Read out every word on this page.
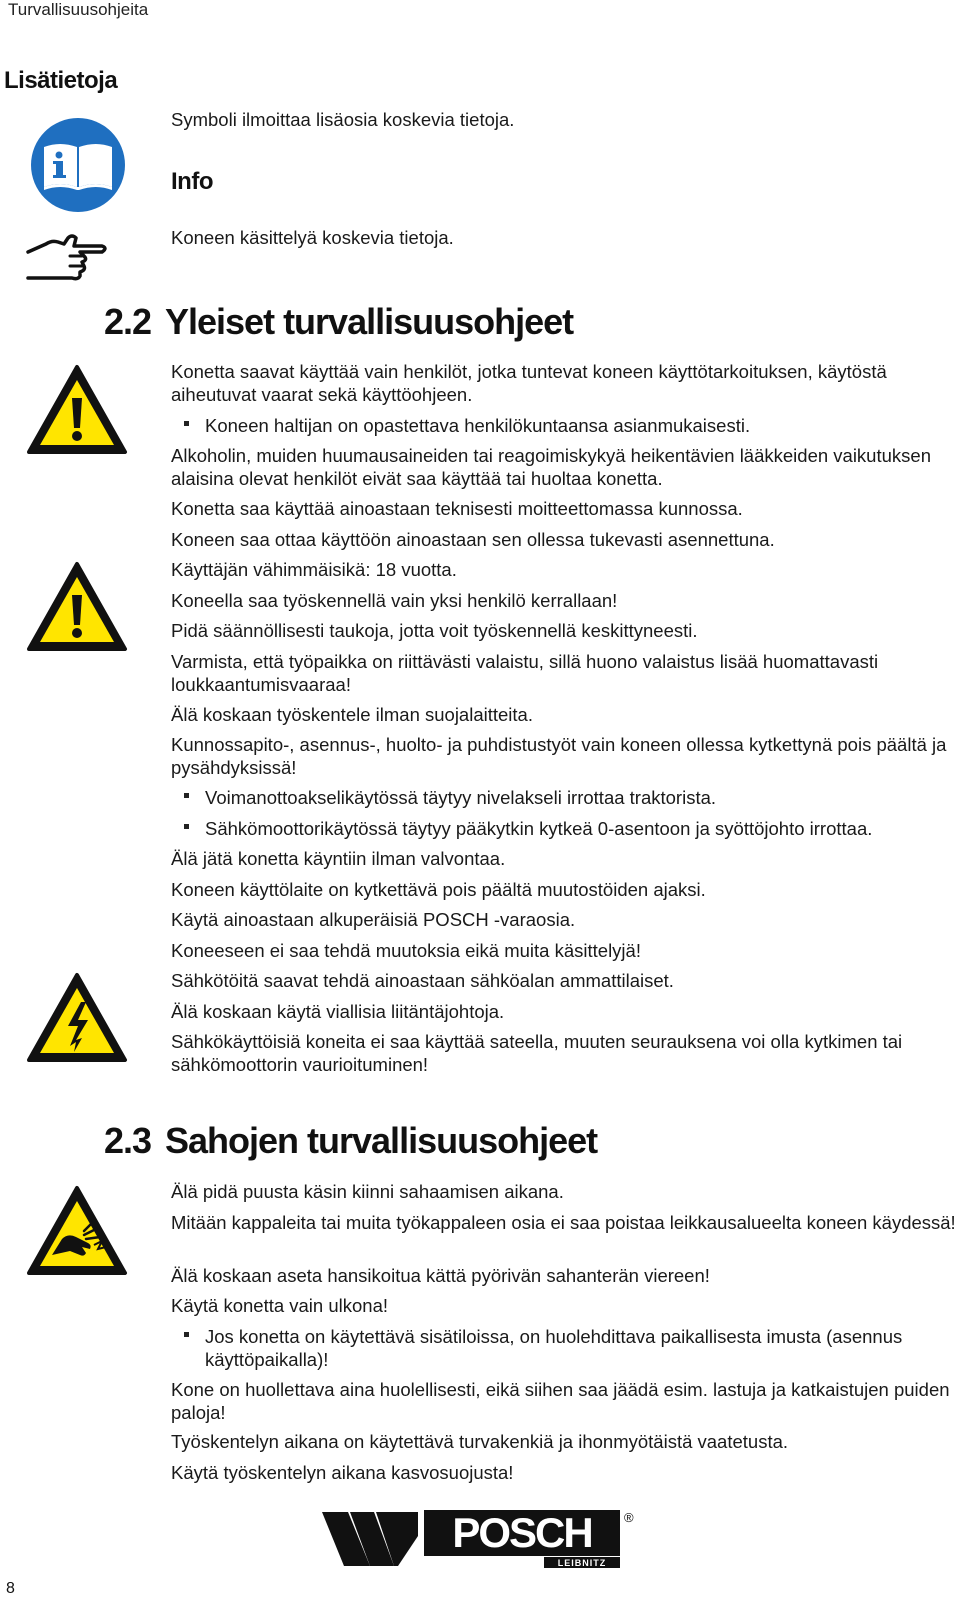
Turvallisuusohjeita
Lisätietoja
Symboli ilmoittaa lisäosia koskevia tietoja.
Info
Koneen käsittelyä koskevia tietoja.
2.2 Yleiset turvallisuusohjeet
Konetta saavat käyttää vain henkilöt, jotka tuntevat koneen käyttötarkoituksen, käytöstä aiheutuvat vaarat sekä käyttöohjeen.
Koneen haltijan on opastettava henkilökuntaansa asianmukaisesti.
Alkoholin, muiden huumausaineiden tai reagoimiskykyä heikentävien lääkkeiden vaikutuksen alaisina olevat henkilöt eivät saa käyttää tai huoltaa konetta.
Konetta saa käyttää ainoastaan teknisesti moitteettomassa kunnossa.
Koneen saa ottaa käyttöön ainoastaan sen ollessa tukevasti asennettuna.
Käyttäjän vähimmäisikä: 18 vuotta.
Koneella saa työskennellä vain yksi henkilö kerrallaan!
Pidä säännöllisesti taukoja, jotta voit työskennellä keskittyneesti.
Varmista, että työpaikka on riittävästi valaistu, sillä huono valaistus lisää huomattavasti loukkaantumisvaaraa!
Älä koskaan työskentele ilman suojalaitteita.
Kunnossapito-, asennus-, huolto- ja puhdistustyöt vain koneen ollessa kytkettynä pois päältä ja pysähdyksissä!
Voimanottoakselikäytössä täytyy nivelakseli irrottaa traktorista.
Sähkömoottorikäytössä täytyy pääkytkin kytkeä 0-asentoon ja syöttöjohto irrottaa.
Älä jätä konetta käyntiin ilman valvontaa.
Koneen käyttölaite on kytkettävä pois päältä muutostöiden ajaksi.
Käytä ainoastaan alkuperäisiä POSCH -varaosia.
Koneeseen ei saa tehdä muutoksia eikä muita käsittelyjä!
Sähkötöitä saavat tehdä ainoastaan sähköalan ammattilaiset.
Älä koskaan käytä viallisia liitäntäjohtoja.
Sähkökäyttöisiä koneita ei saa käyttää sateella, muuten seurauksena voi olla kytkimen tai sähkömoottorin vaurioituminen!
2.3 Sahojen turvallisuusohjeet
Älä pidä puusta käsin kiinni sahaamisen aikana.
Mitään kappaleita tai muita työkappaleen osia ei saa poistaa leikkausalueelta koneen käydessä!
Älä koskaan aseta hansikoitua kättä pyörivän sahanterän viereen!
Käytä konetta vain ulkona!
Jos konetta on käytettävä sisätiloissa, on huolehdittava paikallisesta imusta (asennus käyttöpaikalla)!
Kone on huollettava aina huolellisesti, eikä siihen saa jäädä esim. lastuja ja katkaistujen puiden paloja!
Työskentelyn aikana on käytettävä turvakenkiä ja ihonmyötäistä vaatetusta.
Käytä työskentelyn aikana kasvosuojusta!
8
POSCH
LEIBNITZ
®
